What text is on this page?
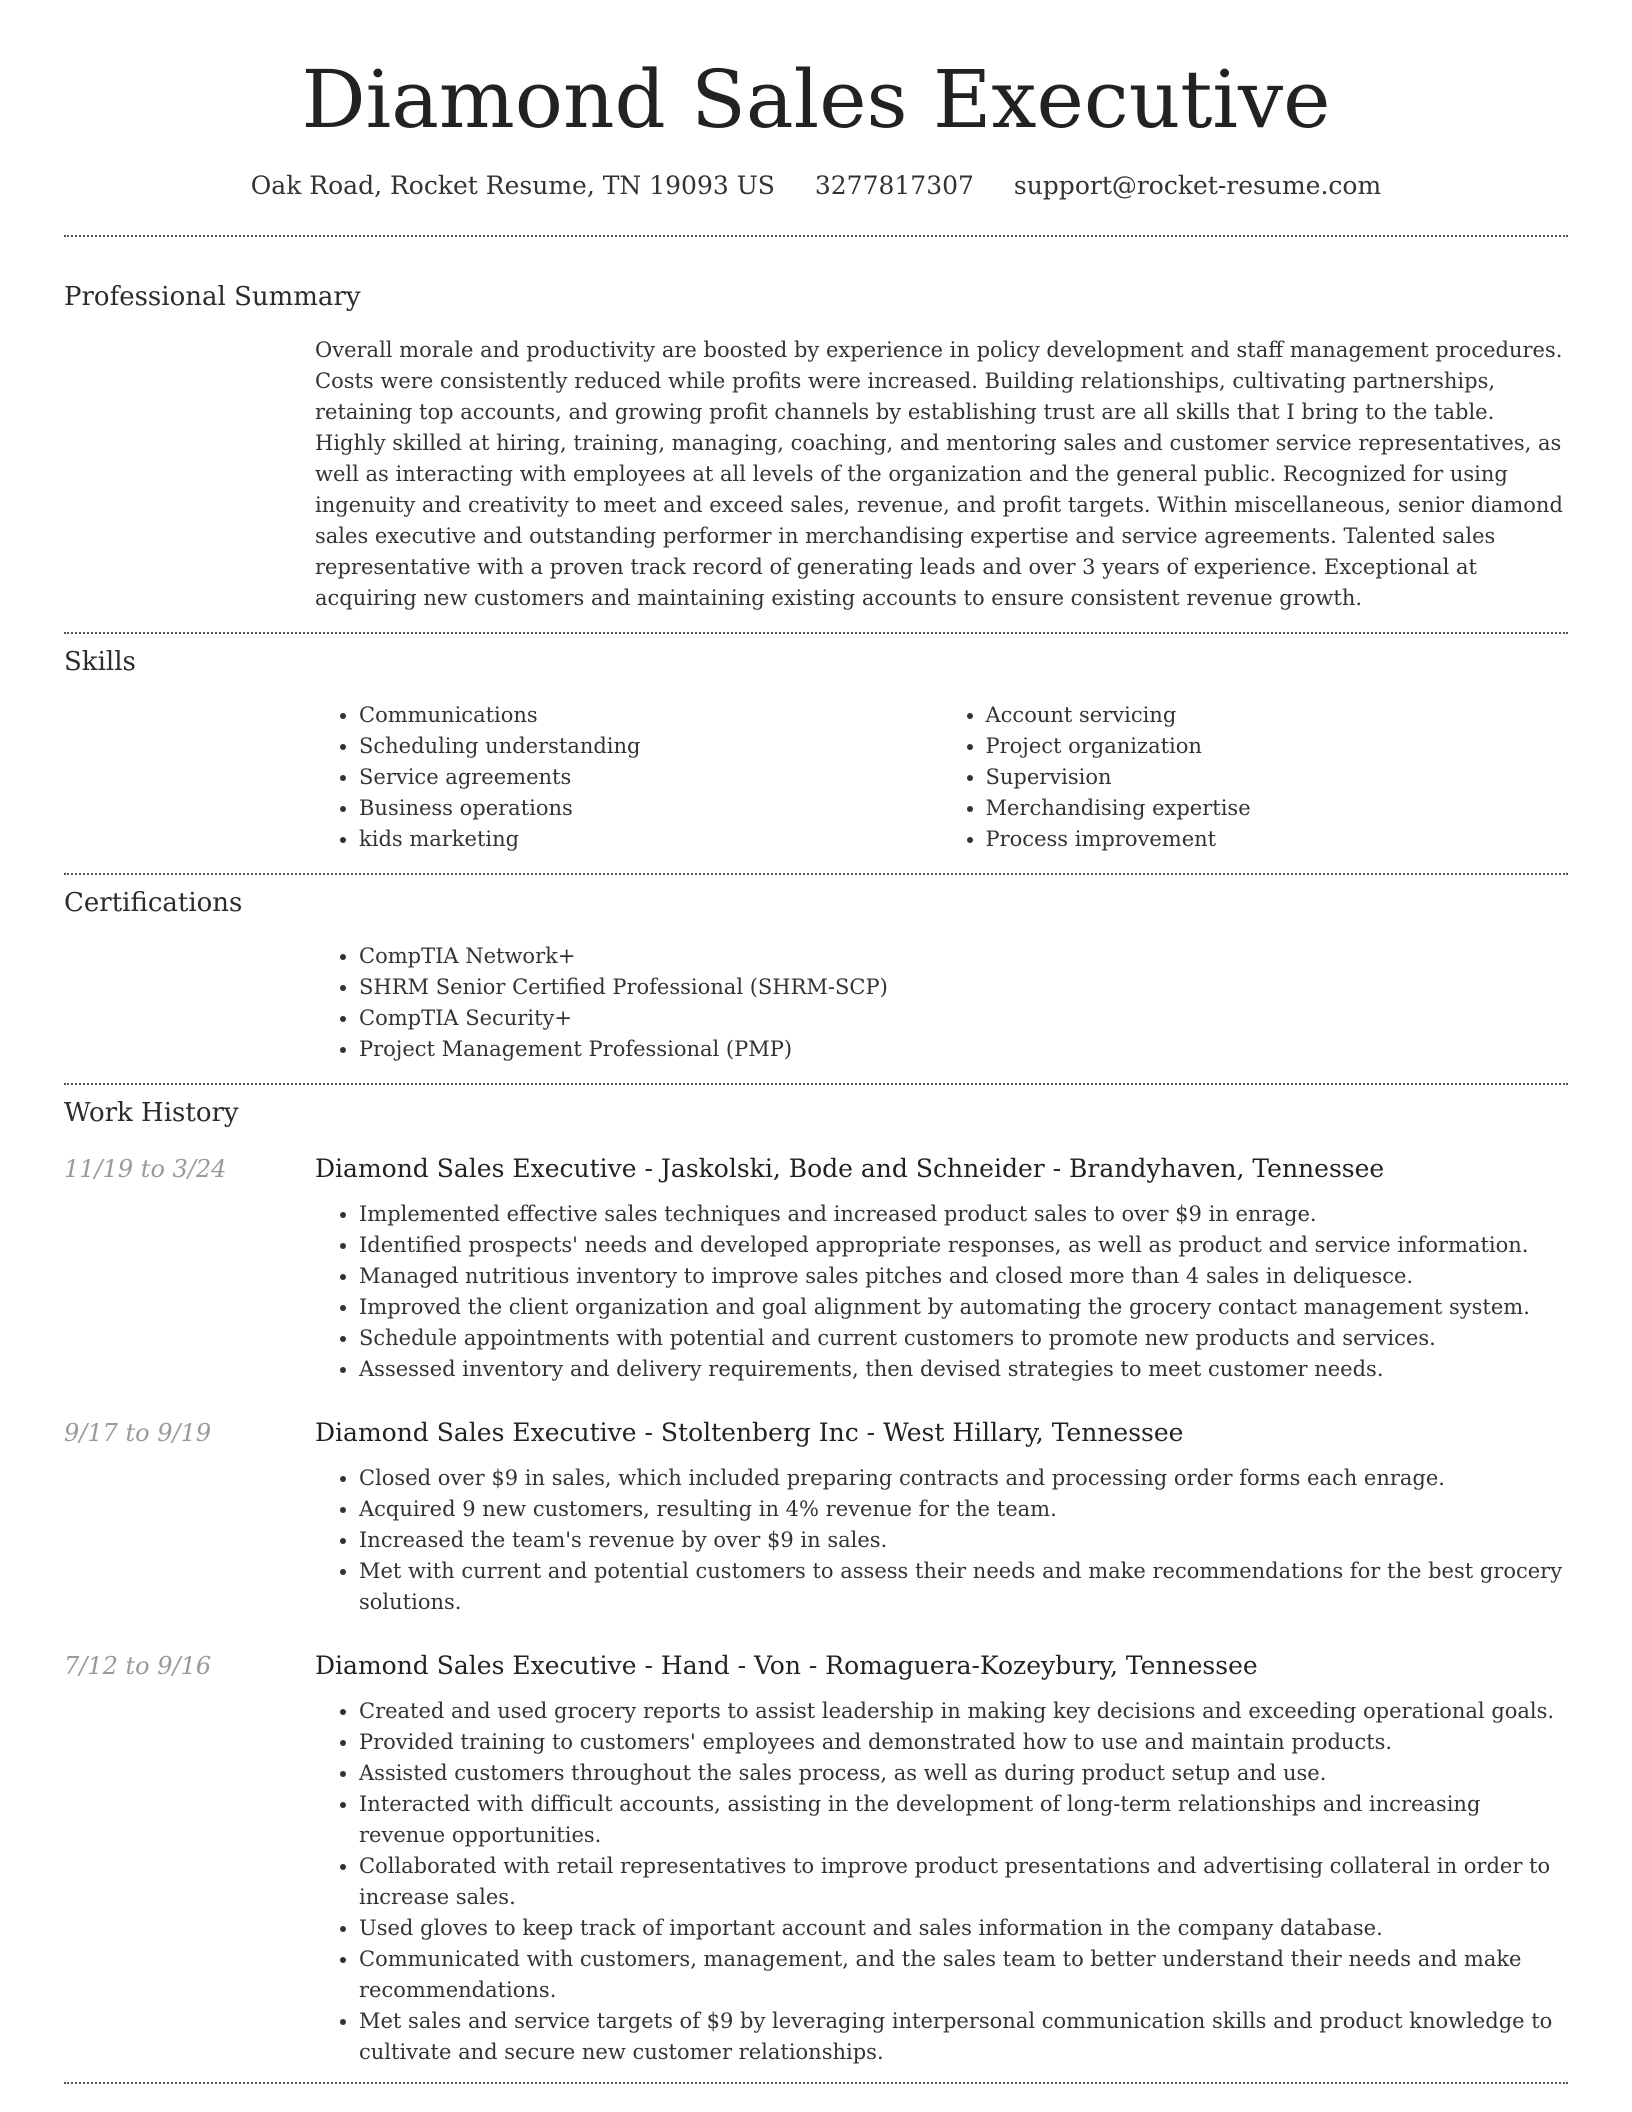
Diamond Sales Executive
Oak Road, Rocket Resume, TN 19093 US 3277817307 support@rocket-resume.com
Professional Summary

Overall morale and productivity are boosted by experience in policy development and staff management procedures. Costs were consistently reduced while profits were increased. Building relationships, cultivating partnerships, retaining top accounts, and growing profit channels by establishing trust are all skills that I bring to the table. Highly skilled at hiring, training, managing, coaching, and mentoring sales and customer service representatives, as well as interacting with employees at all levels of the organization and the general public. Recognized for using ingenuity and creativity to meet and exceed sales, revenue, and profit targets. Within miscellaneous, senior diamond sales executive and outstanding performer in merchandising expertise and service agreements. Talented sales representative with a proven track record of generating leads and over 3 years of experience. Exceptional at acquiring new customers and maintaining existing accounts to ensure consistent revenue growth.

Skills
• Communications
• Scheduling understanding
• Service agreements
• Business operations
• kids marketing
• Account servicing
• Project organization
• Supervision
• Merchandising expertise
• Process improvement
Certifications
• CompTIA Network+
• SHRM Senior Certified Professional (SHRM-SCP)
• CompTIA Security+
• Project Management Professional (PMP)
Work History
11/19 to 3/24	Diamond Sales Executive - Jaskolski, Bode and Schneider - Brandyhaven, Tennessee
• Implemented effective sales techniques and increased product sales to over $9 in enrage.
• Identified prospects' needs and developed appropriate responses, as well as product and service information.
• Managed nutritious inventory to improve sales pitches and closed more than 4 sales in deliquesce.
• Improved the client organization and goal alignment by automating the grocery contact management system.
• Schedule appointments with potential and current customers to promote new products and services.
• Assessed inventory and delivery requirements, then devised strategies to meet customer needs.
9/17 to 9/19	Diamond Sales Executive - Stoltenberg Inc - West Hillary, Tennessee
• Closed over $9 in sales, which included preparing contracts and processing order forms each enrage.
• Acquired 9 new customers, resulting in 4% revenue for the team.
• Increased the team's revenue by over $9 in sales.
• Met with current and potential customers to assess their needs and make recommendations for the best grocery solutions.
7/12 to 9/16	Diamond Sales Executive - Hand - Von - Romaguera-Kozeybury, Tennessee
• Created and used grocery reports to assist leadership in making key decisions and exceeding operational goals.
• Provided training to customers' employees and demonstrated how to use and maintain products.
• Assisted customers throughout the sales process, as well as during product setup and use.
• Interacted with difficult accounts, assisting in the development of long-term relationships and increasing revenue opportunities.
• Collaborated with retail representatives to improve product presentations and advertising collateral in order to increase sales.
• Used gloves to keep track of important account and sales information in the company database.
• Communicated with customers, management, and the sales team to better understand their needs and make recommendations.
• Met sales and service targets of $9 by leveraging interpersonal communication skills and product knowledge to cultivate and secure new customer relationships.
